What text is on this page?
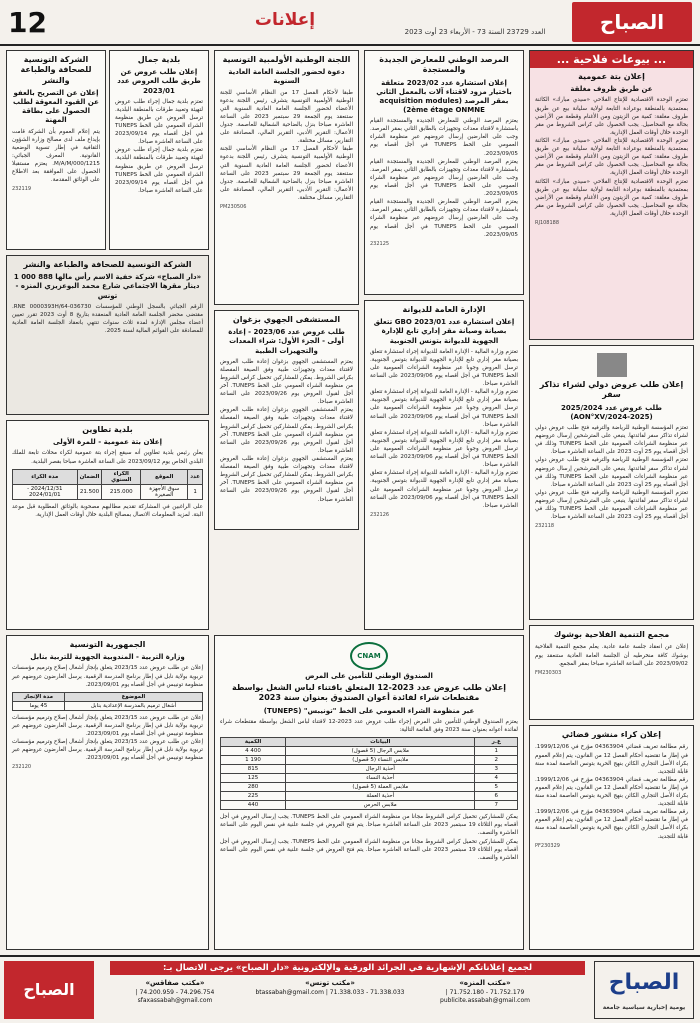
12	إعلانات
العدد 23729 السنة 73 - الأربعاء 23 أوت 2023	الصباح
... بيوعات فلاحية ...
إعلان بتة عمومية
عن طريق ظروف مغلقة

تعتزم الوحدة الاقتصادية للإنتاج الفلاحي «سيدي مبارك» الكائنة بمعتمدية بالمنطقة بوعرادة التابعة لولاية سليانة بيع عن طريق طروف مغلقة: كمية من الزيتون ومن الأغنام وقطعة من الأراضي بحالة مع المحاصيل. يجب الحصول على كراس الشروط من مقر الوحدة خلال أوقات العمل الإدارية.

تعتزم الوحدة الاقتصادية للإنتاج الفلاحي «سيدي مبارك» الكائنة بمعتمدية بالمنطقة بوعرادة التابعة لولاية سليانة بيع عن طريق طروف مغلقة: كمية من الزيتون ومن الأغنام وقطعة من الأراضي بحالة مع المحاصيل. يجب الحصول على كراس الشروط من مقر الوحدة خلال أوقات العمل الإدارية.

تعتزم الوحدة الاقتصادية للإنتاج الفلاحي «سيدي مبارك» الكائنة بمعتمدية بالمنطقة بوعرادة التابعة لولاية سليانة بيع عن طريق طروف مغلقة: كمية من الزيتون ومن الأغنام وقطعة من الأراضي بحالة مع المحاصيل. يجب الحصول على كراس الشروط من مقر الوحدة خلال أوقات العمل الإدارية.

RJ108188
إعلان طلب عروض دولي لشراء تذاكر سفر
طلب عروض عدد 2025/2024 (AON°XV/2024-2025)

تعتزم المؤسسة الوطنية للرياضة والترفيه فتح طلب عروض دولي لشراء تذاكر سفر لفائدتها. ينبغي على المترشحين إرسال عروضهم عبر منظومة الشراءات العمومية على الخط TUNEPS وذلك في أجل أقصاه يوم 25 أوت 2023 على الساعة العاشرة صباحا.

تعتزم المؤسسة الوطنية للرياضة والترفيه فتح طلب عروض دولي لشراء تذاكر سفر لفائدتها. ينبغي على المترشحين إرسال عروضهم عبر منظومة الشراءات العمومية على الخط TUNEPS وذلك في أجل أقصاه يوم 25 أوت 2023 على الساعة العاشرة صباحا.

تعتزم المؤسسة الوطنية للرياضة والترفيه فتح طلب عروض دولي لشراء تذاكر سفر لفائدتها. ينبغي على المترشحين إرسال عروضهم عبر منظومة الشراءات العمومية على الخط TUNEPS وذلك في أجل أقصاه يوم 25 أوت 2023 على الساعة العاشرة صباحا.

232118
مجمع التنمية الفلاحية بوشوك

إعلان عن انعقاد جلسة عامة عادية. يعلم مجمع التنمية الفلاحية بوشوك كافة منخرطيه أن الجلسة العامة العادية ستنعقد يوم 2023/09/02 على الساعة العاشرة صباحا بمقر المجمع.

FM230303
إعلان كراء منشور قضائي

رقم مطالعة تعريف قضائي 04363904 مؤرخ في 1999/12/06. في إطار ما تقتضيه أحكام الفصل 12 من القانون، يتم إعلام العموم بكراء الأصل التجاري الكائن بنهج الحرية بتونس العاصمة لمدة سنة قابلة للتجديد.

رقم مطالعة تعريف قضائي 04363904 مؤرخ في 1999/12/06. في إطار ما تقتضيه أحكام الفصل 12 من القانون، يتم إعلام العموم بكراء الأصل التجاري الكائن بنهج الحرية بتونس العاصمة لمدة سنة قابلة للتجديد.

رقم مطالعة تعريف قضائي 04363904 مؤرخ في 1999/12/06. في إطار ما تقتضيه أحكام الفصل 12 من القانون، يتم إعلام العموم بكراء الأصل التجاري الكائن بنهج الحرية بتونس العاصمة لمدة سنة قابلة للتجديد.

PF230329
المرصد الوطني للمعارض الجديدة والمستجدة
إعلان استشارة عدد 2023/02 متعلقة باختيار مزود لاقتناء آلات بالمعمل الثاني بمقر المرصد (acquisition modules 2ème étage ONMNE)

يعتزم المرصد الوطني للمعارض الجديدة والمستجدة القيام باستشارة لاقتناء معدات وتجهيزات بالطابق الثاني بمقر المرصد. وجب على العارضين إرسال عروضهم عبر منظومة الشراء العمومي على الخط TUNEPS في أجل أقصاه يوم 2023/09/05.

يعتزم المرصد الوطني للمعارض الجديدة والمستجدة القيام باستشارة لاقتناء معدات وتجهيزات بالطابق الثاني بمقر المرصد. وجب على العارضين إرسال عروضهم عبر منظومة الشراء العمومي على الخط TUNEPS في أجل أقصاه يوم 2023/09/05.

يعتزم المرصد الوطني للمعارض الجديدة والمستجدة القيام باستشارة لاقتناء معدات وتجهيزات بالطابق الثاني بمقر المرصد. وجب على العارضين إرسال عروضهم عبر منظومة الشراء العمومي على الخط TUNEPS في أجل أقصاه يوم 2023/09/05.

232125
الإدارة العامة للديوانة
إعلان استشارة عدد 2023/01 GBO تتعلق بصيانة وصيانة مقر إداري تابع للإدارة الجهوية للديوانة بتونس الجنوبية

تعتزم وزارة المالية - الإدارة العامة للديوانة إجراء استشارة تتعلق بصيانة مقر إداري تابع للإدارة الجهوية للديوانة بتونس الجنوبية. ترسل العروض وجوبا عبر منظومة الشراءات العمومية على الخط TUNEPS في أجل أقصاه يوم 2023/09/06 على الساعة العاشرة صباحا.

تعتزم وزارة المالية - الإدارة العامة للديوانة إجراء استشارة تتعلق بصيانة مقر إداري تابع للإدارة الجهوية للديوانة بتونس الجنوبية. ترسل العروض وجوبا عبر منظومة الشراءات العمومية على الخط TUNEPS في أجل أقصاه يوم 2023/09/06 على الساعة العاشرة صباحا.

تعتزم وزارة المالية - الإدارة العامة للديوانة إجراء استشارة تتعلق بصيانة مقر إداري تابع للإدارة الجهوية للديوانة بتونس الجنوبية. ترسل العروض وجوبا عبر منظومة الشراءات العمومية على الخط TUNEPS في أجل أقصاه يوم 2023/09/06 على الساعة العاشرة صباحا.

تعتزم وزارة المالية - الإدارة العامة للديوانة إجراء استشارة تتعلق بصيانة مقر إداري تابع للإدارة الجهوية للديوانة بتونس الجنوبية. ترسل العروض وجوبا عبر منظومة الشراءات العمومية على الخط TUNEPS في أجل أقصاه يوم 2023/09/06 على الساعة العاشرة صباحا.

232126
اللجنة الوطنية الأولمبية التونسية
دعوة لحضور الجلسة العامة العادية السنوية

طبقا لأحكام الفصل 17 من النظام الأساسي للجنة الوطنية الأولمبية التونسية يتشرف رئيس اللجنة بدعوة الأعضاء لحضور الجلسة العامة العادية السنوية التي ستنعقد يوم الجمعة 29 سبتمبر 2023 على الساعة العاشرة صباحا بنزل بالضاحية الشمالية للعاصمة. جدول الأعمال: التقرير الأدبي، التقرير المالي، المصادقة على التقارير، مسائل مختلفة.

طبقا لأحكام الفصل 17 من النظام الأساسي للجنة الوطنية الأولمبية التونسية يتشرف رئيس اللجنة بدعوة الأعضاء لحضور الجلسة العامة العادية السنوية التي ستنعقد يوم الجمعة 29 سبتمبر 2023 على الساعة العاشرة صباحا بنزل بالضاحية الشمالية للعاصمة. جدول الأعمال: التقرير الأدبي، التقرير المالي، المصادقة على التقارير، مسائل مختلفة.

PM230506
المستشفى الجهوي بزغوان
طلب عروض عدد 2023/06 - إعادة أولى - الجزء الأول: شراء المعدات والتجهيزات الطبية

يعتزم المستشفى الجهوي بزغوان إعادة طلب العروض لاقتناء معدات وتجهيزات طبية وفق الصيغة المفصلة بكراس الشروط. يمكن للمشاركين تحميل كراس الشروط من منظومة الشراء العمومي على الخط TUNEPS. آخر أجل لقبول العروض يوم 2023/09/26 على الساعة العاشرة صباحا.

يعتزم المستشفى الجهوي بزغوان إعادة طلب العروض لاقتناء معدات وتجهيزات طبية وفق الصيغة المفصلة بكراس الشروط. يمكن للمشاركين تحميل كراس الشروط من منظومة الشراء العمومي على الخط TUNEPS. آخر أجل لقبول العروض يوم 2023/09/26 على الساعة العاشرة صباحا.

يعتزم المستشفى الجهوي بزغوان إعادة طلب العروض لاقتناء معدات وتجهيزات طبية وفق الصيغة المفصلة بكراس الشروط. يمكن للمشاركين تحميل كراس الشروط من منظومة الشراء العمومي على الخط TUNEPS. آخر أجل لقبول العروض يوم 2023/09/26 على الساعة العاشرة صباحا.

CNAM
الصندوق الوطني للتأمين على المرض
إعلان طلب عروض عدد 2023-12 المتعلق باقتناء لباس الشغل بواسطة مقتطعات شراء لفائدة أعوان الصندوق بعنوان سنة 2023
عبر منظومة الشراء العمومي على الخط "تونيبس" (TUNEPS)

يعتزم الصندوق الوطني للتأمين على المرض إجراء طلب عروض عدد 2023-12 لاقتناء لباس الشغل بواسطة مقتطعات شراء لفائدة أعوانه بعنوان سنة 2023 وفق القائمة التالية:

ع.ر	البيانات	الكمية
1	ملابس الرجال (5 قصول)	400 4
2	ملابس النساء (5 قصول)	190 1
3	أحذية الرجال	815
4	أحذية النساء	125
5	ملابس العملة (5 قصول)	280
6	أحذية العملة	225
7	ملابس الحرس	440

يمكن للمشاركين تحميل كراس الشروط مجانا من منظومة الشراء العمومي على الخط TUNEPS. يجب إرسال العروض في أجل أقصاه يوم الثلاثاء 19 سبتمبر 2023 على الساعة العاشرة صباحا. يتم فتح العروض في جلسة علنية في نفس اليوم على الساعة العاشرة والنصف.

يمكن للمشاركين تحميل كراس الشروط مجانا من منظومة الشراء العمومي على الخط TUNEPS. يجب إرسال العروض في أجل أقصاه يوم الثلاثاء 19 سبتمبر 2023 على الساعة العاشرة صباحا. يتم فتح العروض في جلسة علنية في نفس اليوم على الساعة العاشرة والنصف.

الشركة التونسية للصحافة والطباعة والنشر
إعلان عن التصريح بالعفو عن القيود المعوقة لطلب الحصول على بطاقة المهنة

يتم إعلام العموم بأن الشركة قامت بإيداع ملف لدى مصالح وزارة الشؤون الثقافية في إطار تسوية الوضعية القانونية. المعرف الجبائي: 1215/M/A/M/000. يعتزم مستقبلا الحصول على الموافقة بعد الاطلاع على الوثائق المقدمة.

232119
بلدية جمال
إعلان طلب عروض عن طريق طلب العروض عدد 2023/01

تعتزم بلدية جمال إجراء طلب عروض لتهيئة وتعبيد طرقات بالمنطقة البلدية. ترسل العروض عن طريق منظومة الشراء العمومي على الخط TUNEPS في أجل أقصاه يوم 2023/09/14 على الساعة العاشرة صباحا.

تعتزم بلدية جمال إجراء طلب عروض لتهيئة وتعبيد طرقات بالمنطقة البلدية. ترسل العروض عن طريق منظومة الشراء العمومي على الخط TUNEPS في أجل أقصاه يوم 2023/09/14 على الساعة العاشرة صباحا.

الشركة التونسية للصحافة والطباعة والنشر
«دار الصباح» شركة خفية الاسم رأس مالها 888 000 1 دينار مقرها الاجتماعي شارع محمد البوعزيزي المنزه - تونس

الرقم الجبائي بالسجل الوطني للمؤسسات 036730-64/RNE 0000393H. مقتضى محضر الجلسة العامة العادية المنعقدة بتاريخ 8 أوت 2023 تقرر تعيين أعضاء مجلس الإدارة لمدة ثلاث سنوات تنتهي بانعقاد الجلسة العامة العادية للمصادقة على القوائم المالية لسنة 2025.

بلدية تطاوين
إعلان بتة عمومية - للمرة الأولى

يعلن رئيس بلدية تطاوين أنه سيقع إجراء بتة عمومية لكراء محلات تابعة للملك البلدي الخاص يوم 2023/09/12 على الساعة العاشرة صباحا بقصر البلدية.

عدد	الموقع	الكراء السنوي	الضمان	مدة الكراء
1	سوق الأجهزة الصغيرة	215.000	21.500	2024/12/31 - 2024/01/01

على الراغبين في المشاركة تقديم مطالبهم مصحوبة بالوثائق المطلوبة قبل موعد البتة. لمزيد المعلومات الاتصال بمصالح البلدية خلال أوقات العمل الإدارية.

الجمهورية التونسية
وزارة التربية - المندوبية الجهوية للتربية بنابل

إعلان عن طلب عروض عدد 2023/15 يتعلق بإنجاز أشغال إصلاح وترميم مؤسسات تربوية بولاية نابل في إطار برنامج المدرسة الرقمية. يرسل العارضون عروضهم عبر منظومة تونيبس في أجل أقصاه يوم 2023/09/01.

الموضوع	مدة الإنجاز
أشغال ترميم بالمدرسة الإعدادية بنابل	45 يوما

إعلان عن طلب عروض عدد 2023/15 يتعلق بإنجاز أشغال إصلاح وترميم مؤسسات تربوية بولاية نابل في إطار برنامج المدرسة الرقمية. يرسل العارضون عروضهم عبر منظومة تونيبس في أجل أقصاه يوم 2023/09/01.

إعلان عن طلب عروض عدد 2023/15 يتعلق بإنجاز أشغال إصلاح وترميم مؤسسات تربوية بولاية نابل في إطار برنامج المدرسة الرقمية. يرسل العارضون عروضهم عبر منظومة تونيبس في أجل أقصاه يوم 2023/09/01.

232120
الصباح
لجميع إعلاناتكم الإشهارية في الجرائد الورقية والإلكترونية «دار الصباح» يرجى الاتصال بـ:
«مكتب المنزه»
71.752.179 - 71.752.180 | publicite.assabah@gmail.com
«مكتب تونس»
71.338.033 - 71.338.033 | btassabah@gmail.com
«مكتب صفاقس»
74.296.754 - 74.200.959 | sfaxassabah@gmail.com
الصباح
يومية إخبارية سياسية جامعة
